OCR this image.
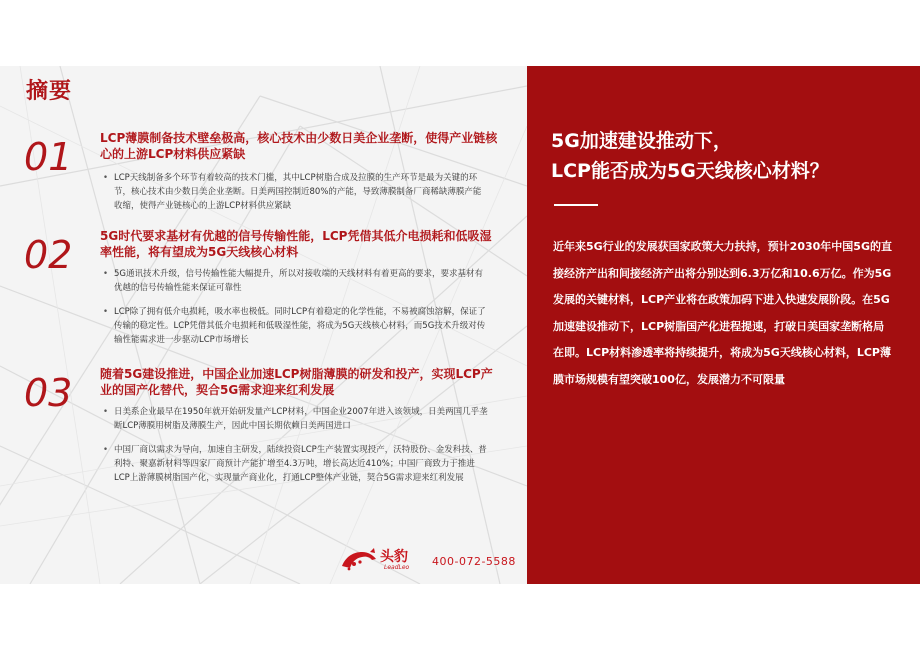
摘要
01 LCP薄膜制备技术壁垒极高，核心技术由少数日美企业垄断，使得产业链核心的上游LCP材料供应紧缺

• LCP天线制备多个环节有着较高的技术门槛，其中LCP树脂合成及拉膜的生产环节是最为关键的环节，核心技术由少数日美企业垄断。日美两国控制近80%的产能，导致薄膜制备厂商稀缺薄膜产能收缩，使得产业链核心的上游LCP材料供应紧缺
02 5G时代要求基材有优越的信号传输性能，LCP凭借其低介电损耗和低吸湿率性能，将有望成为5G天线核心材料

• 5G通讯技术升级，信号传输性能大幅提升，所以对接收端的天线材料有着更高的要求，要求基材有优越的信号传输性能来保证可靠性
• LCP除了拥有低介电损耗，吸水率也极低。同时LCP有着稳定的化学性能，不易被腐蚀溶解，保证了传输的稳定性。LCP凭借其低介电损耗和低吸湿性能，将成为5G天线核心材料，而5G技术升级对传输性能需求进一步驱动LCP市场增长
03 随着5G建设推进，中国企业加速LCP树脂薄膜的研发和投产，实现LCP产业的国产化替代，契合5G需求迎来红利发展

• 日美系企业最早在1950年就开始研发量产LCP材料，中国企业2007年进入该领域，日美两国几乎垄断LCP薄膜用树脂及薄膜生产，因此中国长期依赖日美两国进口
• 中国厂商以需求为导向，加速自主研发，陆续投资LCP生产装置实现投产，沃特股份、金发科技、普利特、聚嘉新材料等四家厂商预计产能扩增至4.3万吨，增长高达近410%；中国厂商致力于推进LCP上游薄膜树脂国产化，实现量产商业化，打通LCP整体产业链，契合5G需求迎来红利发展
头豹
LeadLeo 400-072-5588
5G加速建设推动下，
LCP能否成为5G天线核心材料？

近年来5G行业的发展获国家政策大力扶持，预计2030年中国5G的直接经济产出和间接经济产出将分别达到6.3万亿和10.6万亿。作为5G发展的关键材料，LCP产业将在政策加码下进入快速发展阶段。在5G加速建设推动下，LCP树脂国产化进程提速，打破日美国家垄断格局在即。LCP材料渗透率将持续提升，将成为5G天线核心材料，LCP薄膜市场规模有望突破100亿，发展潜力不可限量
